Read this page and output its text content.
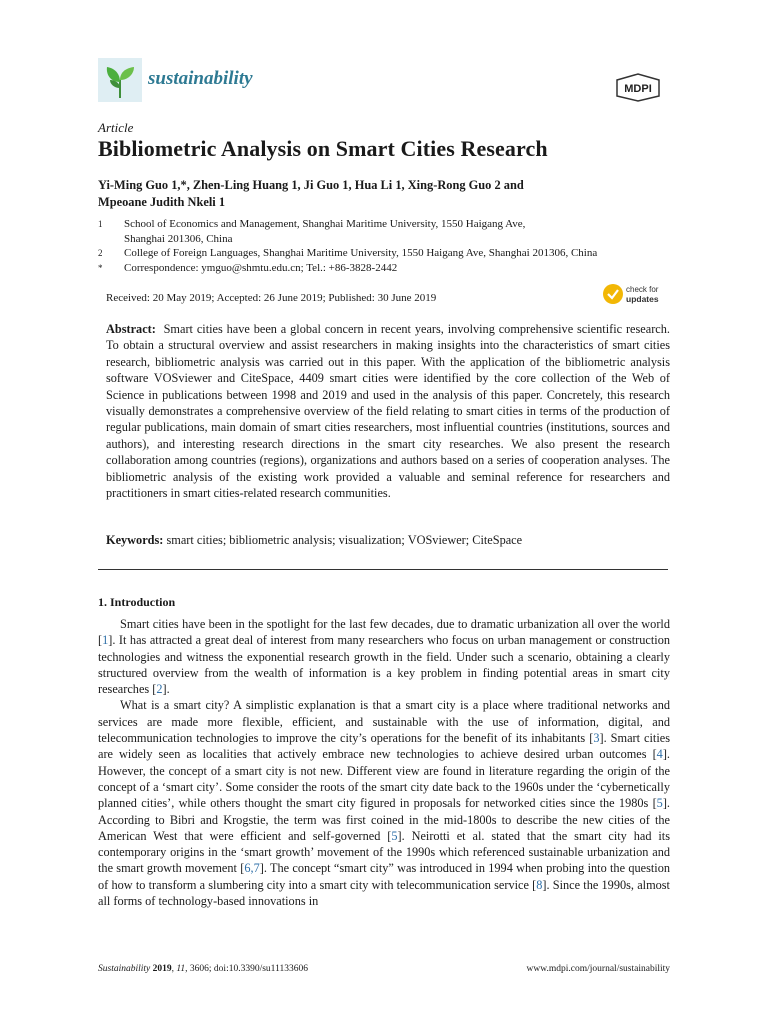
sustainability	MDPI
Article
Bibliometric Analysis on Smart Cities Research
Yi-Ming Guo 1,*, Zhen-Ling Huang 1, Ji Guo 1, Hua Li 1, Xing-Rong Guo 2 and
Mpeoane Judith Nkeli 1
1 School of Economics and Management, Shanghai Maritime University, 1550 Haigang Ave,
Shanghai 201306, China
2 College of Foreign Languages, Shanghai Maritime University, 1550 Haigang Ave, Shanghai 201306, China
* Correspondence: ymguo@shmtu.edu.cn; Tel.: +86-3828-2442
Received: 20 May 2019; Accepted: 26 June 2019; Published: 30 June 2019
check for
updates
Abstract: Smart cities have been a global concern in recent years, involving comprehensive scientific research. To obtain a structural overview and assist researchers in making insights into the characteristics of smart cities research, bibliometric analysis was carried out in this paper. With the application of the bibliometric analysis software VOSviewer and CiteSpace, 4409 smart cities were identified by the core collection of the Web of Science in publications between 1998 and 2019 and used in the analysis of this paper. Concretely, this research visually demonstrates a comprehensive overview of the field relating to smart cities in terms of the production of regular publications, main domain of smart cities researchers, most influential countries (institutions, sources and authors), and interesting research directions in the smart city researches. We also present the research collaboration among countries (regions), organizations and authors based on a series of cooperation analyses. The bibliometric analysis of the existing work provided a valuable and seminal reference for researchers and practitioners in smart cities-related research communities.
Keywords: smart cities; bibliometric analysis; visualization; VOSviewer; CiteSpace
1. Introduction

Smart cities have been in the spotlight for the last few decades, due to dramatic urbanization all over the world [1]. It has attracted a great deal of interest from many researchers who focus on urban management or construction technologies and witness the exponential research growth in the field. Under such a scenario, obtaining a clearly structured overview from the wealth of information is a key problem in finding potential areas in smart city researches [2].

What is a smart city? A simplistic explanation is that a smart city is a place where traditional networks and services are made more flexible, efficient, and sustainable with the use of information, digital, and telecommunication technologies to improve the city’s operations for the benefit of its inhabitants [3]. Smart cities are widely seen as localities that actively embrace new technologies to achieve desired urban outcomes [4]. However, the concept of a smart city is not new. Different view are found in literature regarding the origin of the concept of a ‘smart city’. Some consider the roots of the smart city date back to the 1960s under the ‘cybernetically planned cities’, while others thought the smart city figured in proposals for networked cities since the 1980s [5]. According to Bibri and Krogstie, the term was first coined in the mid-1800s to describe the new cities of the American West that were efficient and self-governed [5]. Neirotti et al. stated that the smart city had its contemporary origins in the ‘smart growth’ movement of the 1990s which referenced sustainable urbanization and the smart growth movement [6,7]. The concept “smart city” was introduced in 1994 when probing into the question of how to transform a slumbering city into a smart city with telecommunication service [8]. Since the 1990s, almost all forms of technology-based innovations in

Sustainability 2019, 11, 3606; doi:10.3390/su11133606	www.mdpi.com/journal/sustainability
